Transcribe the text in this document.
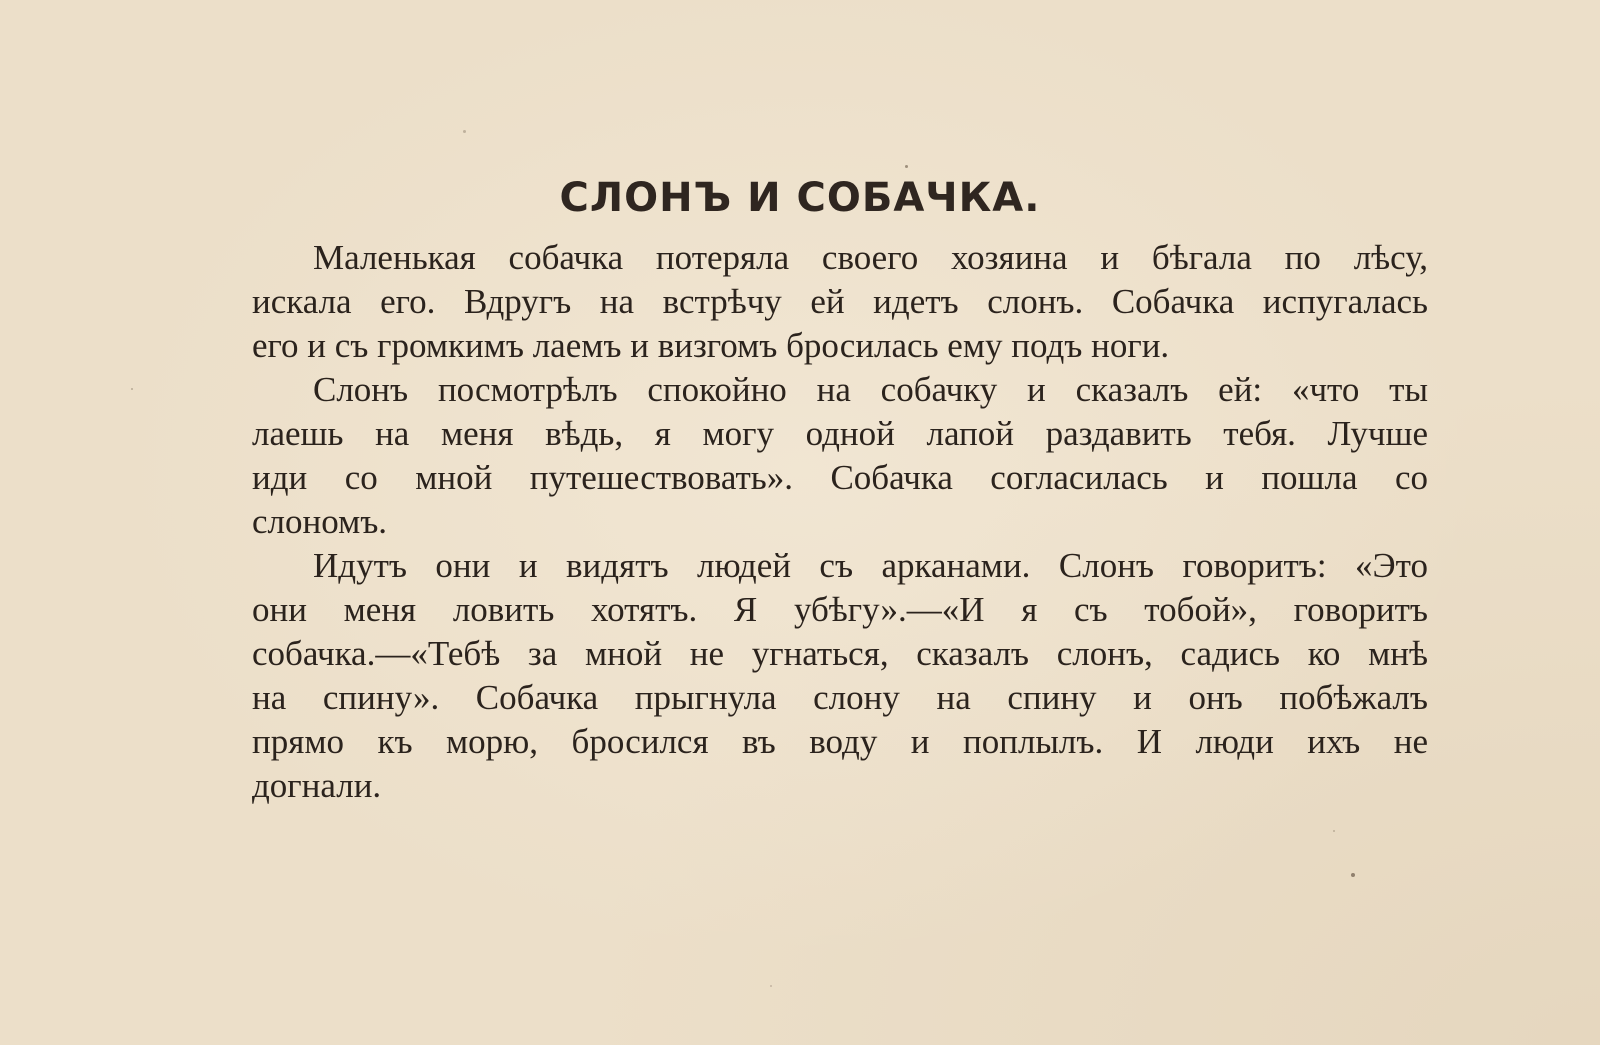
СЛОНЪ И СОБАЧКА.
Маленькая собачка потеряла своего хозяина и бѣгала по лѣсу,
искала его. Вдругъ на встрѣчу ей идетъ слонъ. Собачка испугалась
его и съ громкимъ лаемъ и визгомъ бросилась ему подъ ноги.
Слонъ посмотрѣлъ спокойно на собачку и сказалъ ей: «что ты
лаешь на меня вѣдь, я могу одной лапой раздавить тебя. Лучше
иди со мной путешествовать». Собачка согласилась и пошла со
слономъ.
Идутъ они и видятъ людей съ арканами. Слонъ говоритъ: «Это
они меня ловить хотятъ. Я убѣгу».—«И я съ тобой», говоритъ
собачка.—«Тебѣ за мной не угнаться, сказалъ слонъ, садись ко мнѣ
на спину». Собачка прыгнула слону на спину и онъ побѣжалъ
прямо къ морю, бросился въ воду и поплылъ. И люди ихъ не
догнали.
